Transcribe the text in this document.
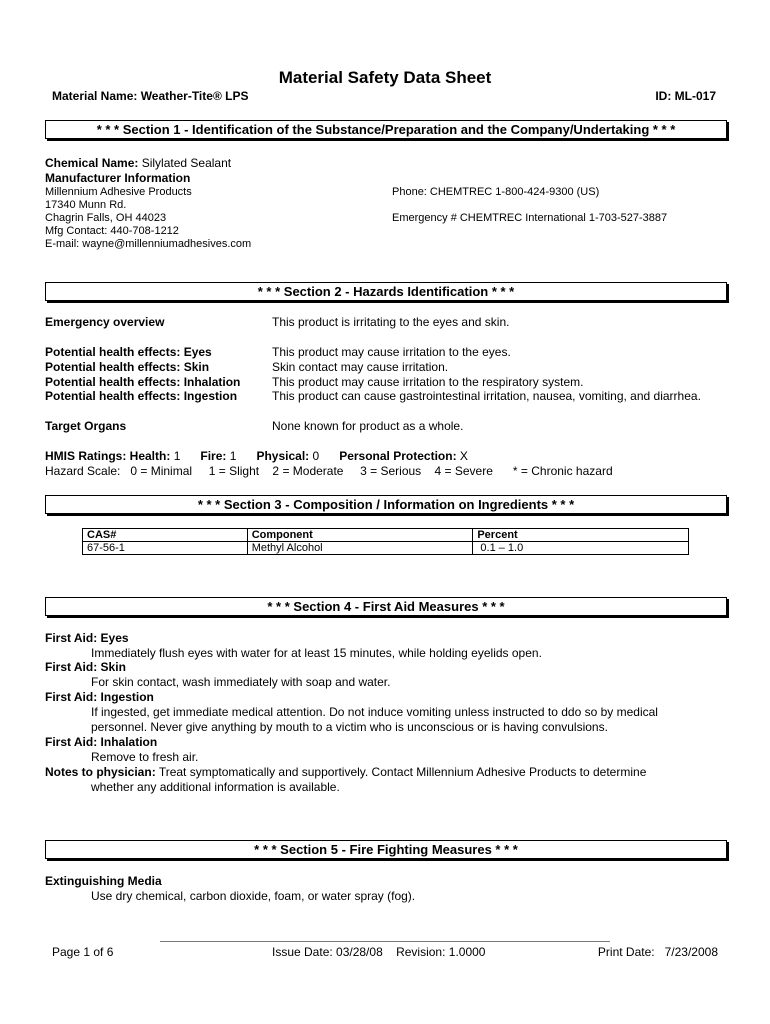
Material Safety Data Sheet
Material Name: Weather-Tite® LPS	ID: ML-017
* * * Section 1 - Identification of the Substance/Preparation and the Company/Undertaking * * *
Chemical Name: Silylated Sealant
Manufacturer Information
Millennium Adhesive Products
17340 Munn Rd.
Chagrin Falls, OH 44023
Mfg Contact: 440-708-1212
E-mail: wayne@millenniumadhesives.com
Phone: CHEMTREC 1-800-424-9300 (US)
Emergency # CHEMTREC International 1-703-527-3887
* * * Section 2 - Hazards Identification * * *
Emergency overview	This product is irritating to the eyes and skin.
Potential health effects: Eyes	This product may cause irritation to the eyes.
Potential health effects: Skin	Skin contact may cause irritation.
Potential health effects: Inhalation	This product may cause irritation to the respiratory system.
Potential health effects: Ingestion	This product can cause gastrointestinal irritation, nausea, vomiting, and diarrhea.
Target Organs	None known for product as a whole.
HMIS Ratings: Health: 1 Fire: 1 Physical: 0 Personal Protection: X
Hazard Scale:   0 = Minimal     1 = Slight    2 = Moderate     3 = Serious    4 = Severe      * = Chronic hazard
* * * Section 3 - Composition / Information on Ingredients * * *
CAS#	Component	Percent
67-56-1	Methyl Alcohol	0.1 – 1.0
* * * Section 4 - First Aid Measures * * *
First Aid: Eyes
Immediately flush eyes with water for at least 15 minutes, while holding eyelids open.
First Aid: Skin
For skin contact, wash immediately with soap and water.
First Aid: Ingestion
If ingested, get immediate medical attention. Do not induce vomiting unless instructed to ddo so by medical
personnel. Never give anything by mouth to a victim who is unconscious or is having convulsions.
First Aid: Inhalation
Remove to fresh air.
Notes to physician: Treat symptomatically and supportively. Contact Millennium Adhesive Products to determine
whether any additional information is available.
* * * Section 5 - Fire Fighting Measures * * *
Extinguishing Media
Use dry chemical, carbon dioxide, foam, or water spray (fog).
Page 1 of 6	Issue Date: 03/28/08    Revision: 1.0000	Print Date:   7/23/2008
